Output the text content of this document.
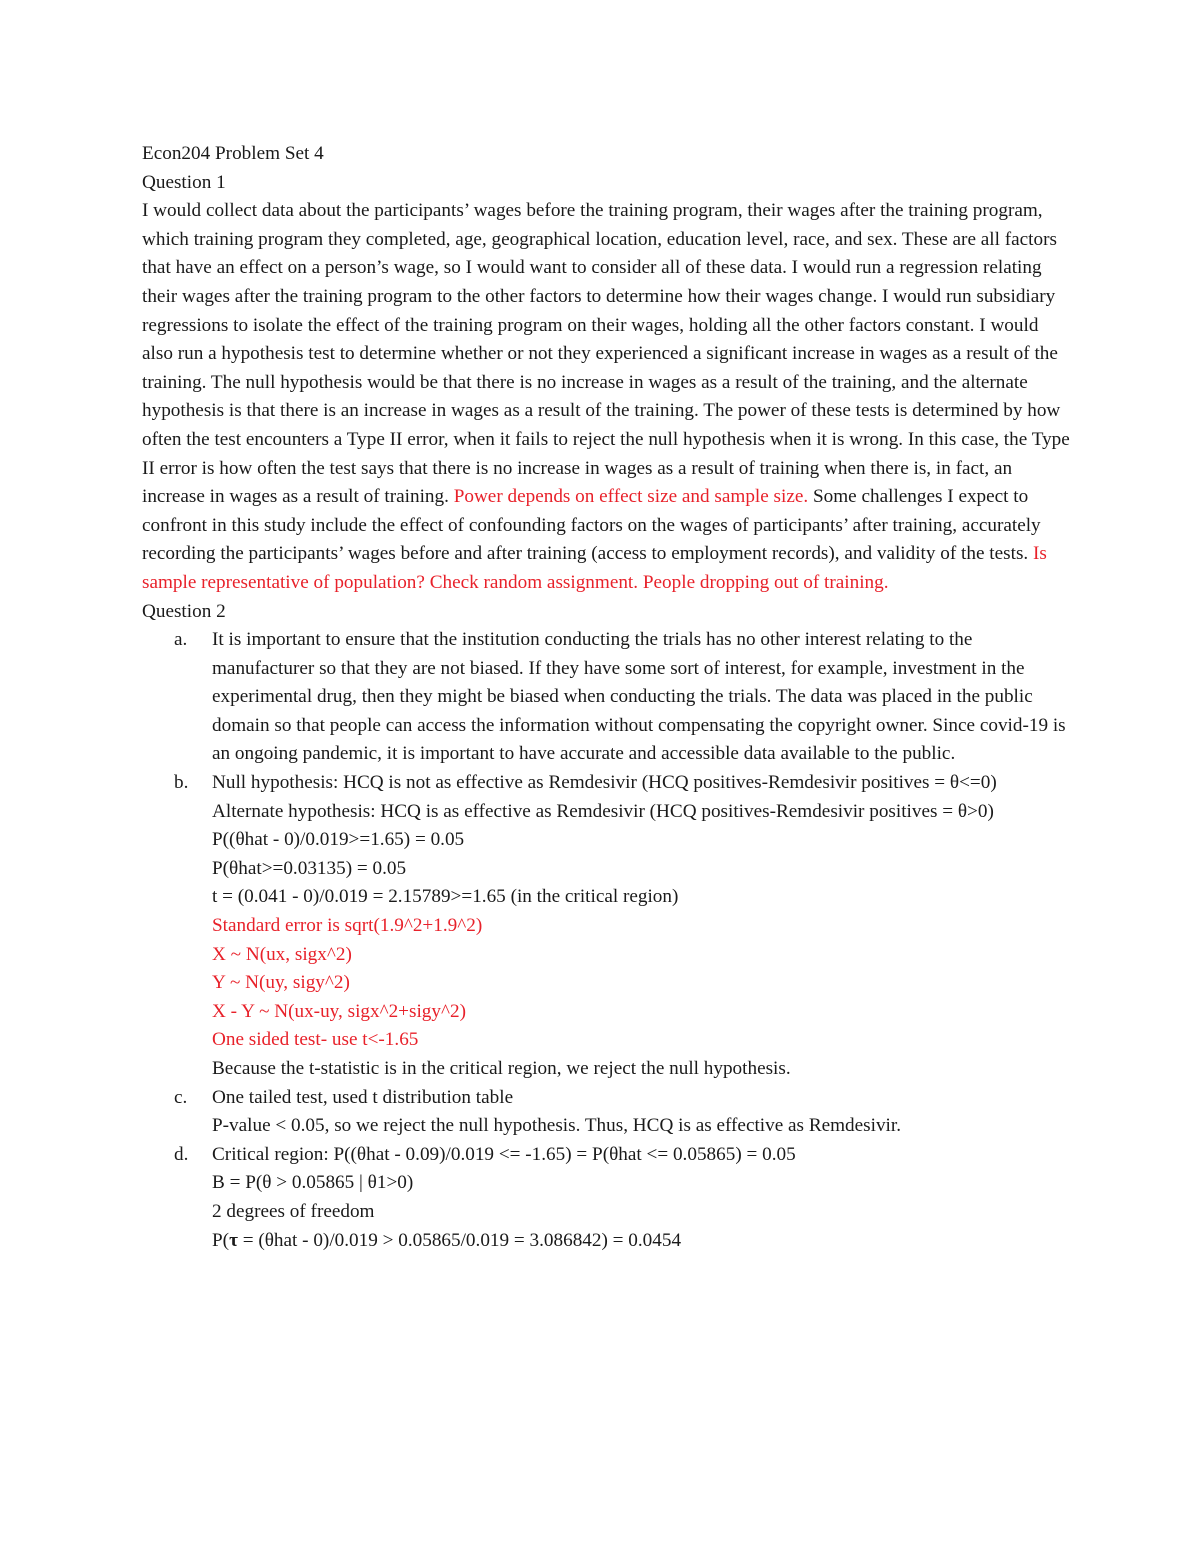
Econ204 Problem Set 4

Question 1

I would collect data about the participants’ wages before the training program, their wages after the training program, which training program they completed, age, geographical location, education level, race, and sex. These are all factors that have an effect on a person’s wage, so I would want to consider all of these data. I would run a regression relating their wages after the training program to the other factors to determine how their wages change. I would run subsidiary regressions to isolate the effect of the training program on their wages, holding all the other factors constant. I would also run a hypothesis test to determine whether or not they experienced a significant increase in wages as a result of the training. The null hypothesis would be that there is no increase in wages as a result of the training, and the alternate hypothesis is that there is an increase in wages as a result of the training. The power of these tests is determined by how often the test encounters a Type II error, when it fails to reject the null hypothesis when it is wrong. In this case, the Type II error is how often the test says that there is no increase in wages as a result of training when there is, in fact, an increase in wages as a result of training. Power depends on effect size and sample size. Some challenges I expect to confront in this study include the effect of confounding factors on the wages of participants’ after training, accurately recording the participants’ wages before and after training (access to employment records), and validity of the tests. Is sample representative of population? Check random assignment. People dropping out of training.

Question 2

a. It is important to ensure that the institution conducting the trials has no other interest relating to the manufacturer so that they are not biased. If they have some sort of interest, for example, investment in the experimental drug, then they might be biased when conducting the trials. The data was placed in the public domain so that people can access the information without compensating the copyright owner. Since covid-19 is an ongoing pandemic, it is important to have accurate and accessible data available to the public.

b. Null hypothesis: HCQ is not as effective as Remdesivir (HCQ positives-Remdesivir positives = θ<=0)

Alternate hypothesis: HCQ is as effective as Remdesivir (HCQ positives-Remdesivir positives = θ>0)

P((θhat - 0)/0.019>=1.65) = 0.05

P(θhat>=0.03135) = 0.05

t = (0.041 - 0)/0.019 = 2.15789>=1.65 (in the critical region)

Standard error is sqrt(1.9^2+1.9^2)

X ~ N(ux, sigx^2)

Y ~ N(uy, sigy^2)

X - Y ~ N(ux-uy, sigx^2+sigy^2)

One sided test- use t<-1.65

Because the t-statistic is in the critical region, we reject the null hypothesis.

c. One tailed test, used t distribution table

P-value < 0.05, so we reject the null hypothesis. Thus, HCQ is as effective as Remdesivir.

d. Critical region: P((θhat - 0.09)/0.019 <= -1.65) = P(θhat <= 0.05865) = 0.05

B = P(θ > 0.05865 | θ1>0)

2 degrees of freedom

P(τ = (θhat - 0)/0.019 > 0.05865/0.019 = 3.086842) = 0.0454
